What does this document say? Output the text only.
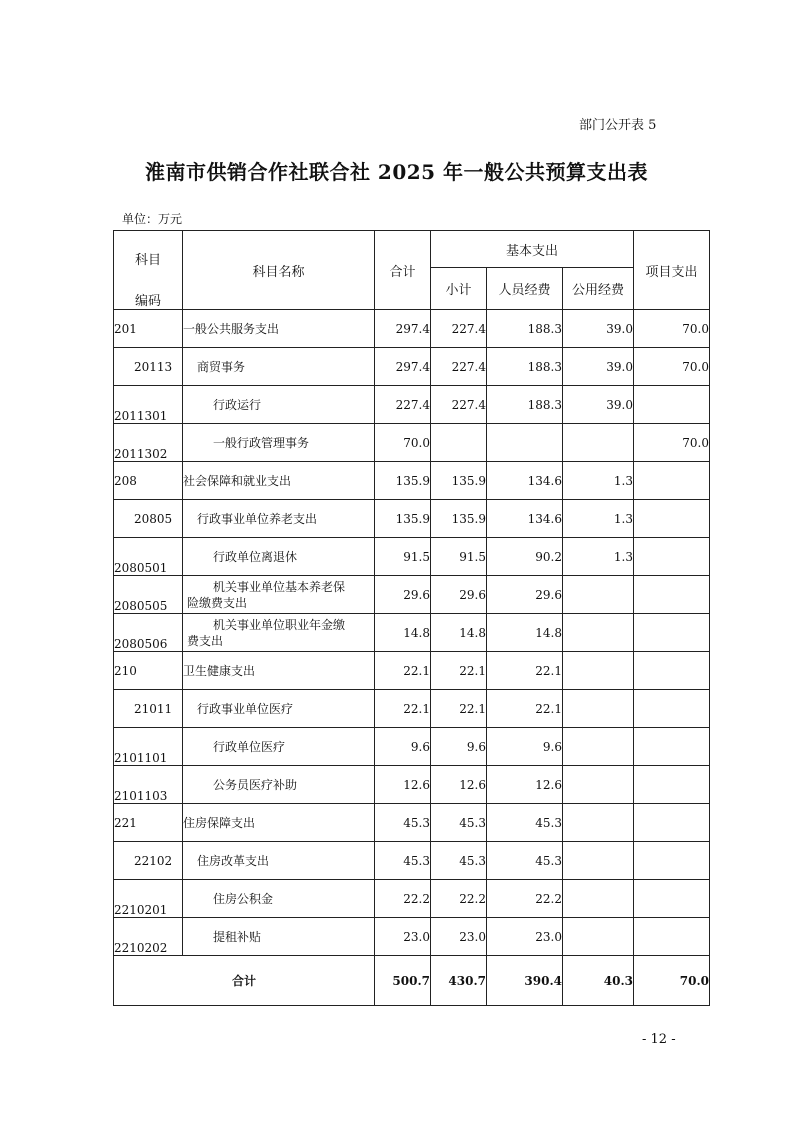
部门公开表 5
淮南市供销合作社联合社 2025 年一般公共预算支出表
单位：万元
科目
编码	科目名称	合计	基本支出			项目支出
			小计	人员经费	公用经费	
201	一般公共服务支出	297.4	227.4	188.3	39.0	70.0
20113	商贸事务	297.4	227.4	188.3	39.0	70.0
2011301	行政运行	227.4	227.4	188.3	39.0	
2011302	一般行政管理事务	70.0				70.0
208	社会保障和就业支出	135.9	135.9	134.6	1.3	
20805	行政事业单位养老支出	135.9	135.9	134.6	1.3	
2080501	行政单位离退休	91.5	91.5	90.2	1.3	
2080505	机关事业单位基本养老保
险缴费支出	29.6	29.6	29.6		
2080506	机关事业单位职业年金缴
费支出	14.8	14.8	14.8		
210	卫生健康支出	22.1	22.1	22.1		
21011	行政事业单位医疗	22.1	22.1	22.1		
2101101	行政单位医疗	9.6	9.6	9.6		
2101103	公务员医疗补助	12.6	12.6	12.6		
221	住房保障支出	45.3	45.3	45.3		
22102	住房改革支出	45.3	45.3	45.3		
2210201	住房公积金	22.2	22.2	22.2		
2210202	提租补贴	23.0	23.0	23.0		
合计		500.7	430.7	390.4	40.3	70.0
- 12 -
